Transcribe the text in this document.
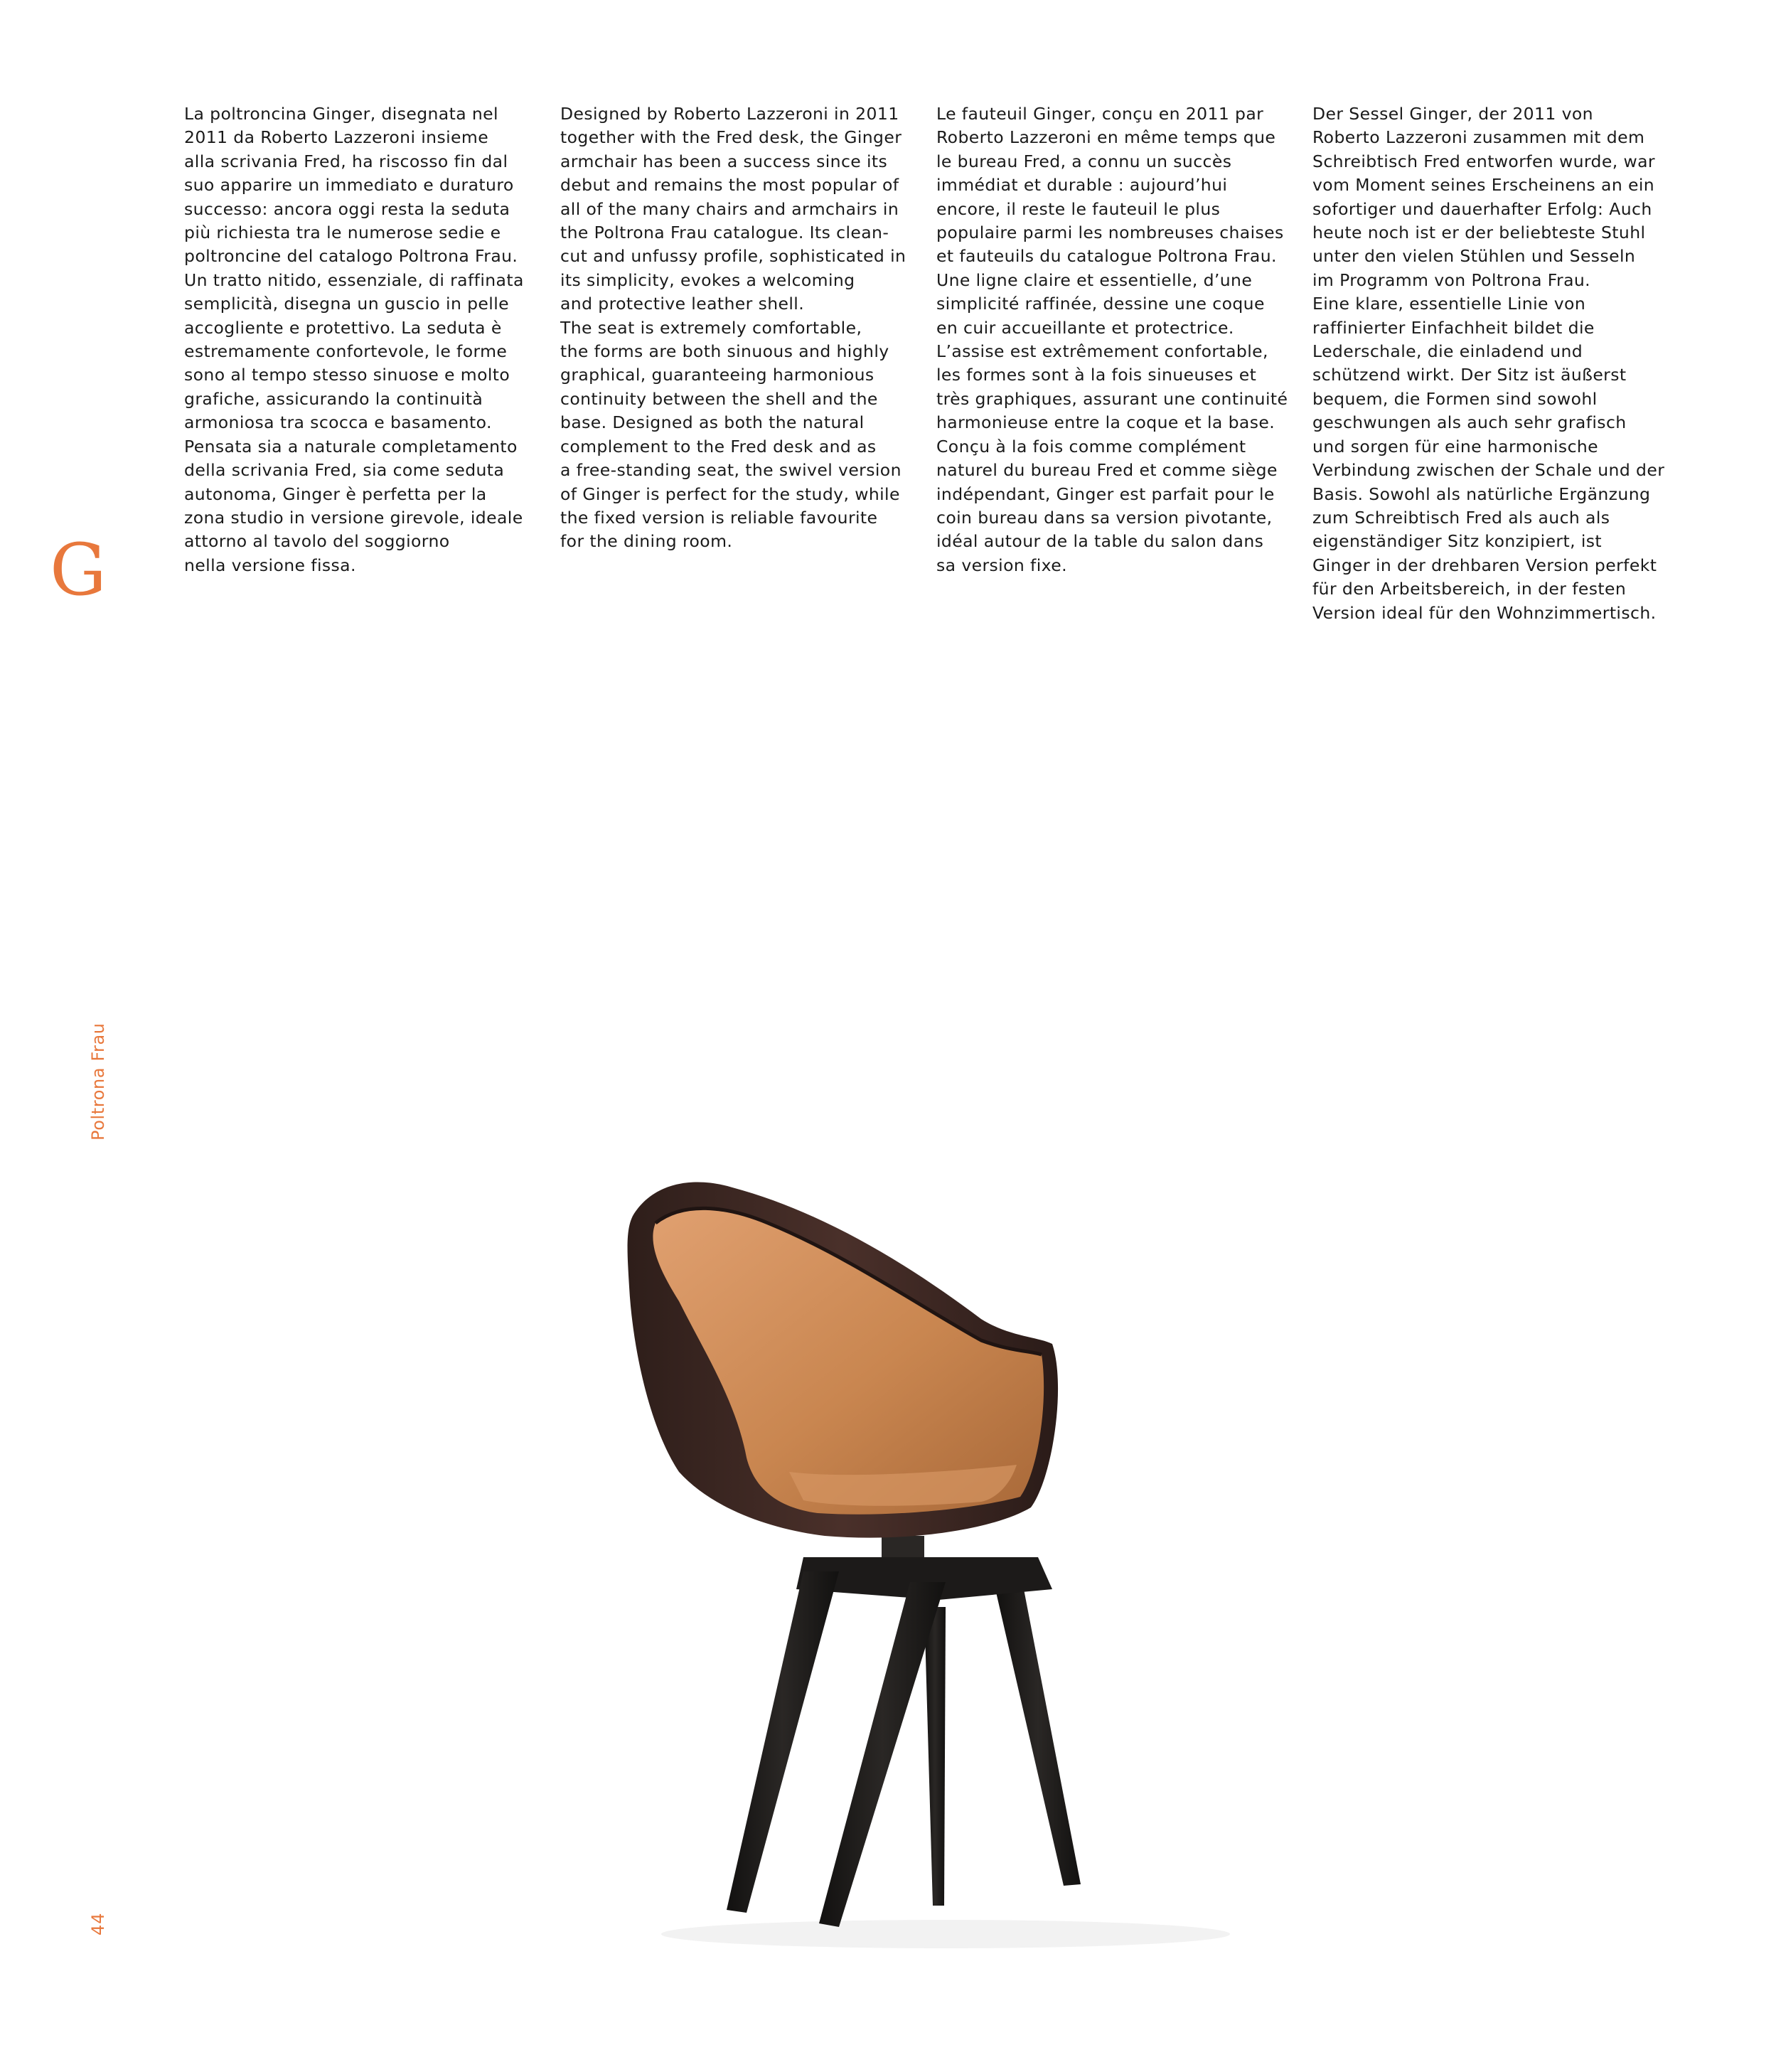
La poltroncina Ginger, disegnata nel
2011 da Roberto Lazzeroni insieme
alla scrivania Fred, ha riscosso fin dal
suo apparire un immediato e duraturo
successo: ancora oggi resta la seduta
più richiesta tra le numerose sedie e
poltroncine del catalogo Poltrona Frau.
Un tratto nitido, essenziale, di raffinata
semplicità, disegna un guscio in pelle
accogliente e protettivo. La seduta è
estremamente confortevole, le forme
sono al tempo stesso sinuose e molto
grafiche, assicurando la continuità
armoniosa tra scocca e basamento.
Pensata sia a naturale completamento
della scrivania Fred, sia come seduta
autonoma, Ginger è perfetta per la
zona studio in versione girevole, ideale
attorno al tavolo del soggiorno
nella versione fissa.
Designed by Roberto Lazzeroni in 2011
together with the Fred desk, the Ginger
armchair has been a success since its
debut and remains the most popular of
all of the many chairs and armchairs in
the Poltrona Frau catalogue. Its clean-
cut and unfussy profile, sophisticated in
its simplicity, evokes a welcoming
and protective leather shell.
The seat is extremely comfortable,
the forms are both sinuous and highly
graphical, guaranteeing harmonious
continuity between the shell and the
base. Designed as both the natural
complement to the Fred desk and as
a free-standing seat, the swivel version
of Ginger is perfect for the study, while
the fixed version is reliable favourite
for the dining room.
Le fauteuil Ginger, conçu en 2011 par
Roberto Lazzeroni en même temps que
le bureau Fred, a connu un succès
immédiat et durable : aujourd’hui
encore, il reste le fauteuil le plus
populaire parmi les nombreuses chaises
et fauteuils du catalogue Poltrona Frau.
Une ligne claire et essentielle, d’une
simplicité raffinée, dessine une coque
en cuir accueillante et protectrice.
L’assise est extrêmement confortable,
les formes sont à la fois sinueuses et
très graphiques, assurant une continuité
harmonieuse entre la coque et la base.
Conçu à la fois comme complément
naturel du bureau Fred et comme siège
indépendant, Ginger est parfait pour le
coin bureau dans sa version pivotante,
idéal autour de la table du salon dans
sa version fixe.
Der Sessel Ginger, der 2011 von
Roberto Lazzeroni zusammen mit dem
Schreibtisch Fred entworfen wurde, war
vom Moment seines Erscheinens an ein
sofortiger und dauerhafter Erfolg: Auch
heute noch ist er der beliebteste Stuhl
unter den vielen Stühlen und Sesseln
im Programm von Poltrona Frau.
Eine klare, essentielle Linie von
raffinierter Einfachheit bildet die
Lederschale, die einladend und
schützend wirkt. Der Sitz ist äußerst
bequem, die Formen sind sowohl
geschwungen als auch sehr grafisch
und sorgen für eine harmonische
Verbindung zwischen der Schale und der
Basis. Sowohl als natürliche Ergänzung
zum Schreibtisch Fred als auch als
eigenständiger Sitz konzipiert, ist
Ginger in der drehbaren Version perfekt
für den Arbeitsbereich, in der festen
Version ideal für den Wohnzimmertisch.
G
Poltrona Frau
44
